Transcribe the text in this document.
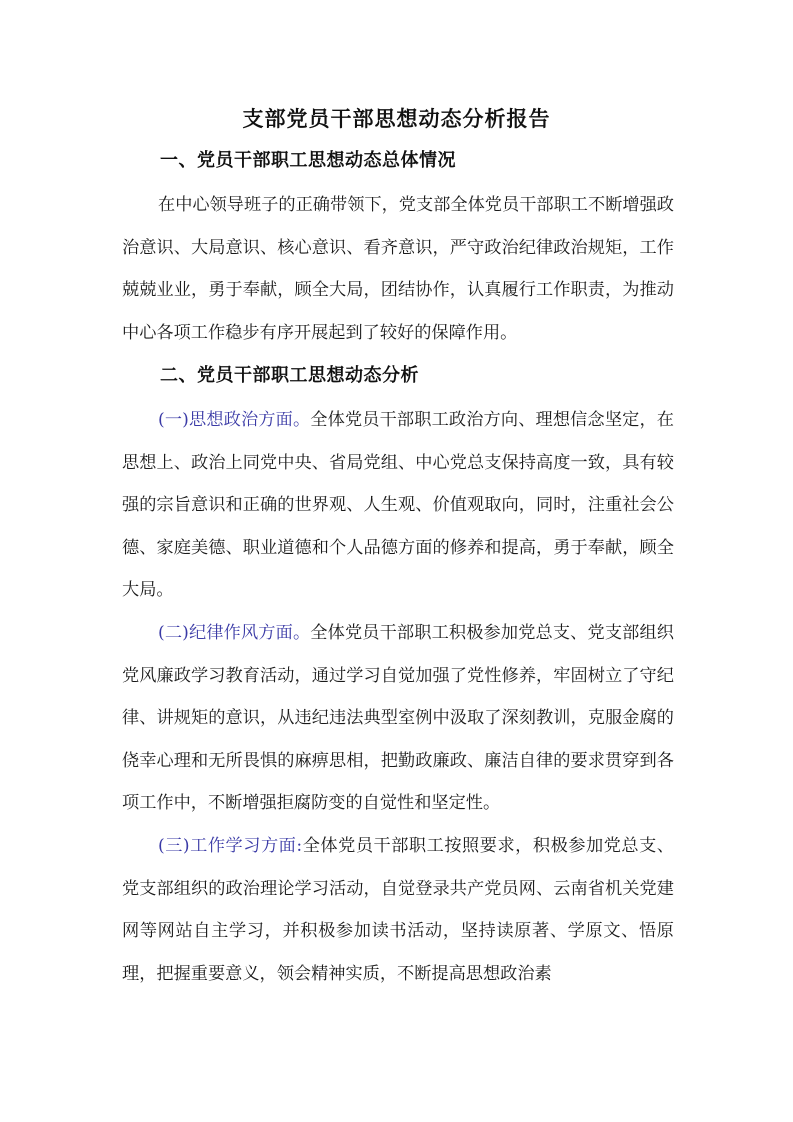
支部党员干部思想动态分析报告
一、党员干部职工思想动态总体情况

在中心领导班子的正确带领下，党支部全体党员干部职工不断增强政治意识、大局意识、核心意识、看齐意识，严守政治纪律政治规矩，工作兢兢业业，勇于奉献，顾全大局，团结协作，认真履行工作职责，为推动中心各项工作稳步有序开展起到了较好的保障作用。

二、党员干部职工思想动态分析

(一)思想政治方面。全体党员干部职工政治方向、理想信念坚定，在思想上、政治上同党中央、省局党组、中心党总支保持高度一致，具有较强的宗旨意识和正确的世界观、人生观、价值观取向，同时，注重社会公德、家庭美德、职业道德和个人品德方面的修养和提高，勇于奉献，顾全大局。

(二)纪律作风方面。全体党员干部职工积极参加党总支、党支部组织党风廉政学习教育活动，通过学习自觉加强了党性修养，牢固树立了守纪律、讲规矩的意识，从违纪违法典型室例中汲取了深刻教训，克服金腐的侥幸心理和无所畏惧的麻痹思相，把勤政廉政、廉洁自律的要求贯穿到各项工作中，不断增强拒腐防变的自觉性和坚定性。

(三)工作学习方面:全体党员干部职工按照要求，积极参加党总支、党支部组织的政治理论学习活动，自觉登录共产党员网、云南省机关党建网等网站自主学习，并积极参加读书活动，坚持读原著、学原文、悟原理，把握重要意义，领会精神实质，不断提高思想政治素
